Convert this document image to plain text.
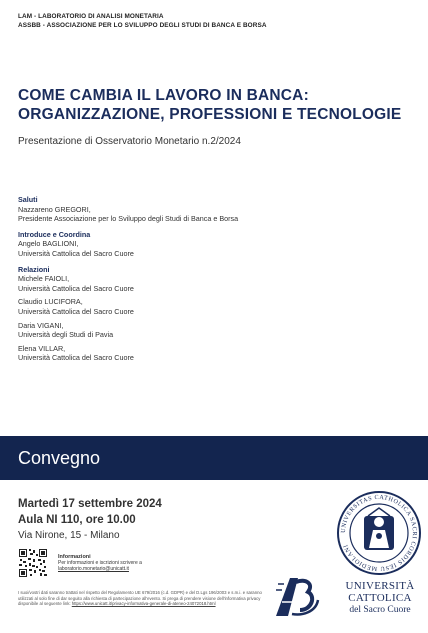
LAM - LABORATORIO DI ANALISI MONETARIA
ASSBB - ASSOCIAZIONE PER LO SVILUPPO DEGLI STUDI DI BANCA E BORSA
COME CAMBIA IL LAVORO IN BANCA:
ORGANIZZAZIONE, PROFESSIONI E TECNOLOGIE
Presentazione di Osservatorio Monetario n.2/2024
Saluti
Nazzareno GREGORI,
Presidente Associazione per lo Sviluppo degli Studi di Banca e Borsa
Introduce e Coordina
Angelo BAGLIONI,
Università Cattolica del Sacro Cuore
Relazioni
Michele FAIOLI,
Università Cattolica del Sacro Cuore
Claudio LUCIFORA,
Università Cattolica del Sacro Cuore
Daria VIGANI,
Università degli Studi di Pavia
Elena VILLAR,
Università Cattolica del Sacro Cuore
Convegno
Martedì 17 settembre 2024
Aula NI 110, ore 10.00
Via Nirone, 15 - Milano
Informazioni
Per informazioni e iscrizioni scrivere a
laboratorio.monetario@unicatt.it
I suoi/vostri dati saranno trattati nel rispetto del Regolamento UE 679/2016 (c.d. GDPR) e del D.Lgs 196/2003 e s.m.i. e saranno utilizzati al solo fine di dar seguito alla richiesta di partecipazione all'evento. Si prega di prendere visione dell'informativa privacy disponibile al seguente link: https://www.unicatt.it/privacy-informativa-generale-di-ateneo-24072018.html
UNIVERSITAS CATHOLICA SACRI CORDIS IESU MEDIOLANI
UNIVERSITÀ
CATTOLICA
del Sacro Cuore
